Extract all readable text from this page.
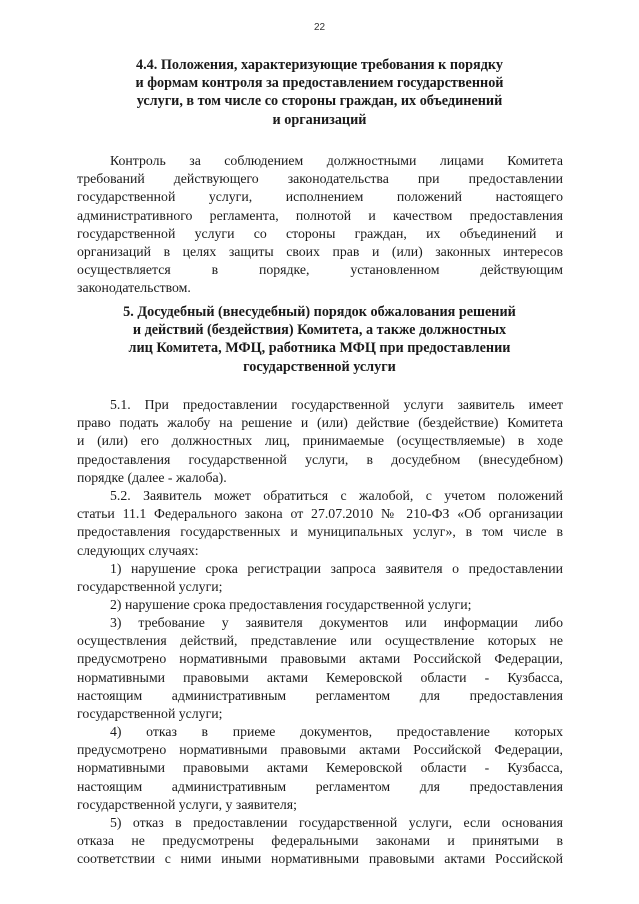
22
4.4. Положения, характеризующие требования к порядку
и формам контроля за предоставлением государственной
услуги, в том числе со стороны граждан, их объединений
и организаций
Контроль за соблюдением должностными лицами Комитета
требований действующего законодательства при предоставлении
государственной услуги, исполнением положений настоящего
административного регламента, полнотой и качеством предоставления
государственной услуги со стороны граждан, их объединений и
организаций в целях защиты своих прав и (или) законных интересов
осуществляется в порядке, установленном действующим
законодательством.
5. Досудебный (внесудебный) порядок обжалования решений
и действий (бездействия) Комитета, а также должностных
лиц Комитета, МФЦ, работника МФЦ при предоставлении
государственной услуги
5.1. При предоставлении государственной услуги заявитель имеет
право подать жалобу на решение и (или) действие (бездействие) Комитета
и (или) его должностных лиц, принимаемые (осуществляемые) в ходе
предоставления государственной услуги, в досудебном (внесудебном)
порядке (далее - жалоба).
5.2. Заявитель может обратиться с жалобой, с учетом положений
статьи 11.1 Федерального закона от 27.07.2010 № 210-ФЗ «Об организации
предоставления государственных и муниципальных услуг», в том числе в
следующих случаях:
1) нарушение срока регистрации запроса заявителя о предоставлении
государственной услуги;
2) нарушение срока предоставления государственной услуги;
3) требование у заявителя документов или информации либо
осуществления действий, представление или осуществление которых не
предусмотрено нормативными правовыми актами Российской Федерации,
нормативными правовыми актами Кемеровской области - Кузбасса,
настоящим административным регламентом для предоставления
государственной услуги;
4) отказ в приеме документов, предоставление которых
предусмотрено нормативными правовыми актами Российской Федерации,
нормативными правовыми актами Кемеровской области - Кузбасса,
настоящим административным регламентом для предоставления
государственной услуги, у заявителя;
5) отказ в предоставлении государственной услуги, если основания
отказа не предусмотрены федеральными законами и принятыми в
соответствии с ними иными нормативными правовыми актами Российской
